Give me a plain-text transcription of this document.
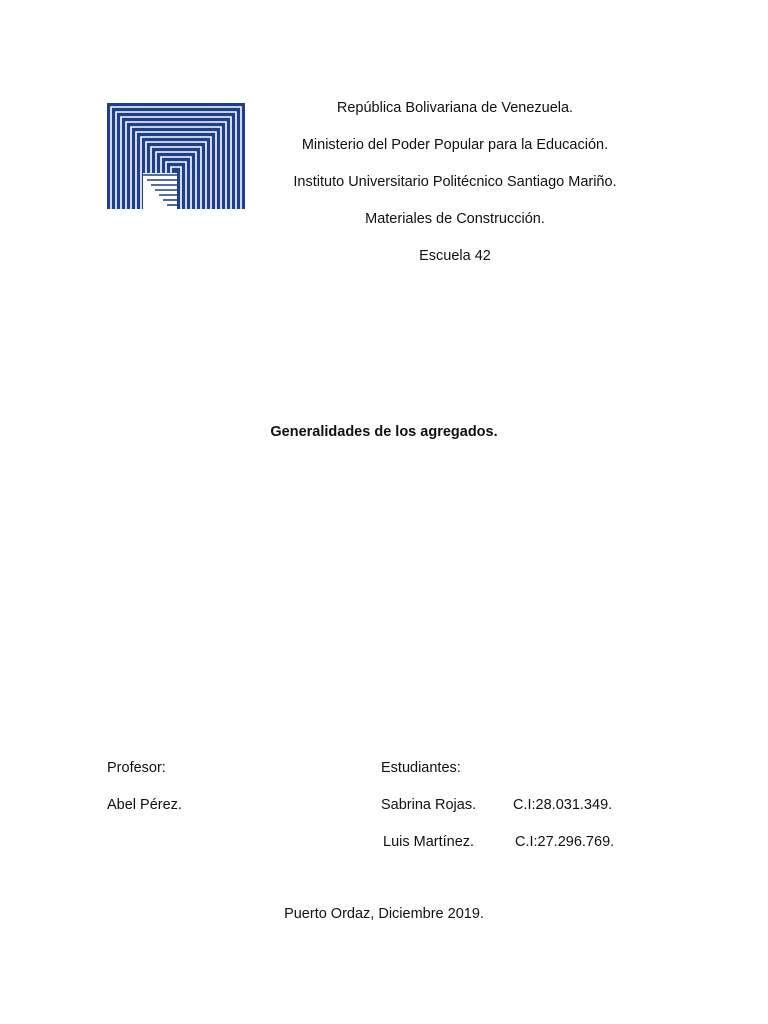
República Bolivariana de Venezuela.
Ministerio del Poder Popular para la Educación.
Instituto Universitario Politécnico Santiago Mariño.
Materiales de Construcción.
Escuela 42
Generalidades de los agregados.
Profesor:
Abel Pérez.
Estudiantes:
Sabrina Rojas.	C.I:28.031.349.
Luis Martínez.	C.I:27.296.769.
Puerto Ordaz, Diciembre 2019.
